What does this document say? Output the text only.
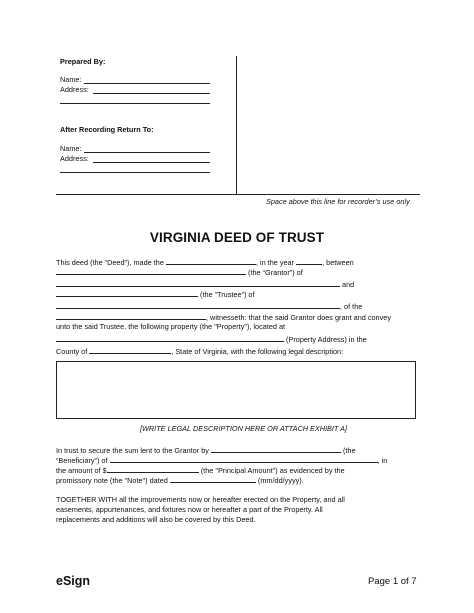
Prepared By:
Name:
Address:
After Recording Return To:
Name:
Address:
Space above this line for recorder’s use only
VIRGINIA DEED OF TRUST
This deed (the “Deed”), made the	, in the year	, between
(the “Grantor”) of
and
(the “Trustee”) of
, of the
, witnesseth: that the said Grantor does grant and convey
unto the said Trustee, the following property (the "Property"), located at
(Property Address) in the
County of	, State of Virginia, with the following legal description:
[WRITE LEGAL DESCRIPTION HERE OR ATTACH EXHIBIT A]
In trust to secure the sum lent to the Grantor by	(the
“Beneficiary”) of	, in
the amount of $	(the "Principal Amount") as evidenced by the
promissory note (the "Note") dated	(mm/dd/yyyy).
TOGETHER WITH all the improvements now or hereafter erected on the Property, and all
easements, appurtenances, and fixtures now or hereafter a part of the Property. All
replacements and additions will also be covered by this Deed.
eSign	Page 1 of 7
